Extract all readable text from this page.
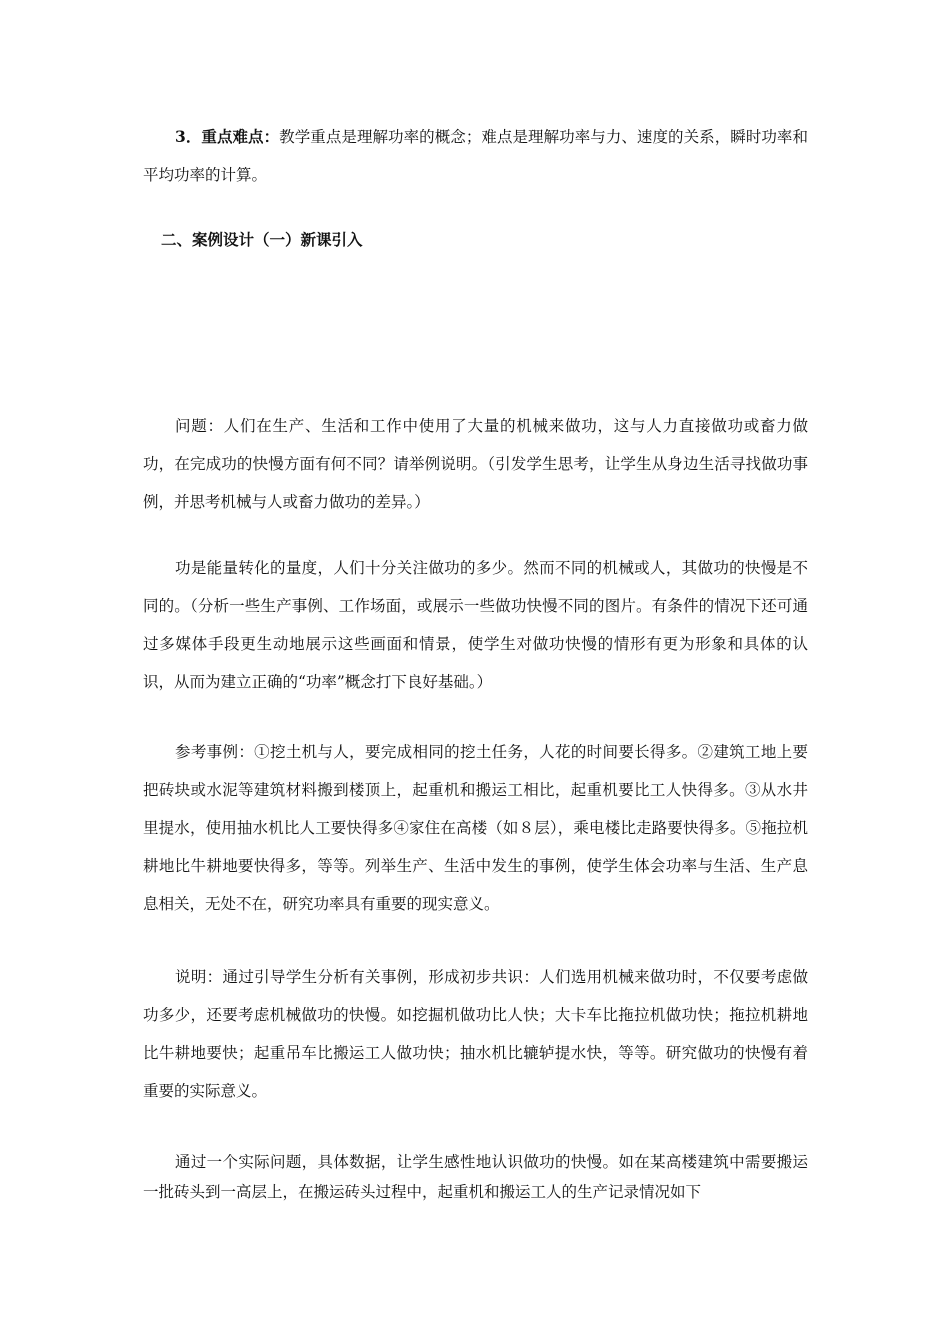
3．重点难点：教学重点是理解功率的概念；难点是理解功率与力、速度的关系，瞬时功率和平均功率的计算。

二、案例设计（一）新课引入

问题：人们在生产、生活和工作中使用了大量的机械来做功，这与人力直接做功或畜力做功，在完成功的快慢方面有何不同？请举例说明。（引发学生思考，让学生从身边生活寻找做功事例，并思考机械与人或畜力做功的差异。）

功是能量转化的量度，人们十分关注做功的多少。然而不同的机械或人，其做功的快慢是不同的。（分析一些生产事例、工作场面，或展示一些做功快慢不同的图片。有条件的情况下还可通过多媒体手段更生动地展示这些画面和情景，使学生对做功快慢的情形有更为形象和具体的认识，从而为建立正确的“功率”概念打下良好基础。）

参考事例：①挖土机与人，要完成相同的挖土任务，人花的时间要长得多。②建筑工地上要把砖块或水泥等建筑材料搬到楼顶上，起重机和搬运工相比，起重机要比工人快得多。③从水井里提水，使用抽水机比人工要快得多④家住在高楼（如８层），乘电楼比走路要快得多。⑤拖拉机耕地比牛耕地要快得多，等等。列举生产、生活中发生的事例，使学生体会功率与生活、生产息息相关，无处不在，研究功率具有重要的现实意义。

说明：通过引导学生分析有关事例，形成初步共识：人们选用机械来做功时，不仅要考虑做功多少，还要考虑机械做功的快慢。如挖掘机做功比人快；大卡车比拖拉机做功快；拖拉机耕地比牛耕地要快；起重吊车比搬运工人做功快；抽水机比辘轳提水快，等等。研究做功的快慢有着重要的实际意义。

通过一个实际问题，具体数据，让学生感性地认识做功的快慢。如在某高楼建筑中需要搬运一批砖头到一高层上，在搬运砖头过程中，起重机和搬运工人的生产记录情况如下
